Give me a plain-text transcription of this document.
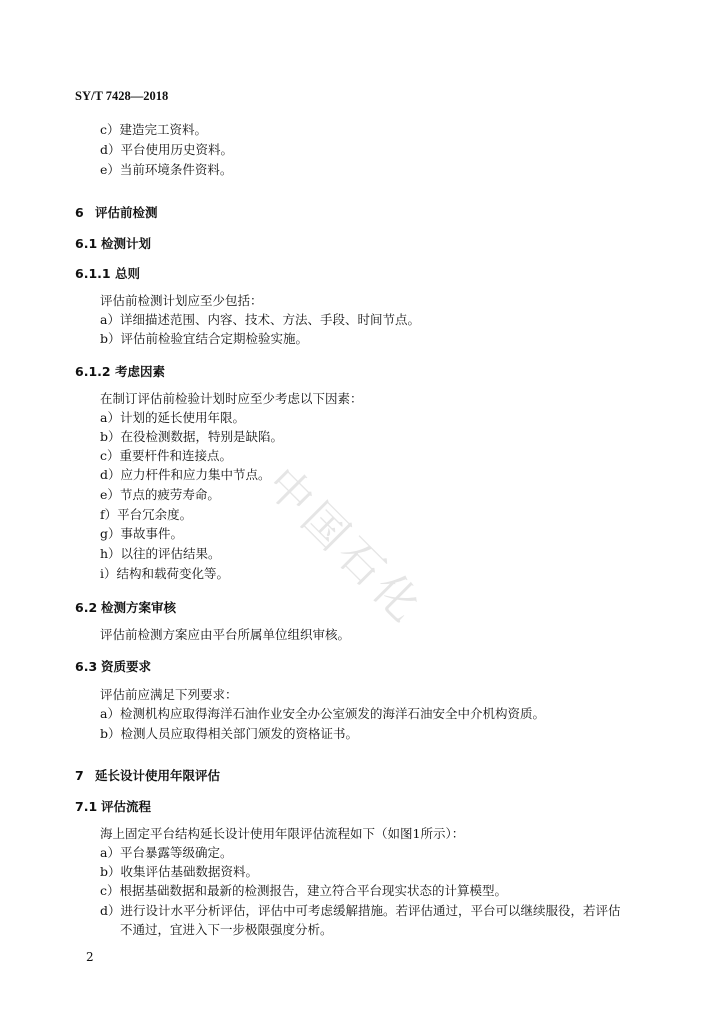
SY/T 7428—2018
c）建造完工资料。
d）平台使用历史资料。
e）当前环境条件资料。
6 评估前检测
6.1 检测计划
6.1.1 总则
评估前检测计划应至少包括：
a）详细描述范围、内容、技术、方法、手段、时间节点。
b）评估前检验宜结合定期检验实施。
6.1.2 考虑因素
在制订评估前检验计划时应至少考虑以下因素：
a）计划的延长使用年限。
b）在役检测数据，特别是缺陷。
c）重要杆件和连接点。
d）应力杆件和应力集中节点。
e）节点的疲劳寿命。
f）平台冗余度。
g）事故事件。
h）以往的评估结果。
i）结构和载荷变化等。
6.2 检测方案审核
评估前检测方案应由平台所属单位组织审核。
6.3 资质要求
评估前应满足下列要求：
a）检测机构应取得海洋石油作业安全办公室颁发的海洋石油安全中介机构资质。
b）检测人员应取得相关部门颁发的资格证书。
7 延长设计使用年限评估
7.1 评估流程
海上固定平台结构延长设计使用年限评估流程如下（如图1所示）：
a）平台暴露等级确定。
b）收集评估基础数据资料。
c）根据基础数据和最新的检测报告，建立符合平台现实状态的计算模型。
d）进行设计水平分析评估，评估中可考虑缓解措施。若评估通过，平台可以继续服役，若评估
不通过，宜进入下一步极限强度分析。
2
中国石化
